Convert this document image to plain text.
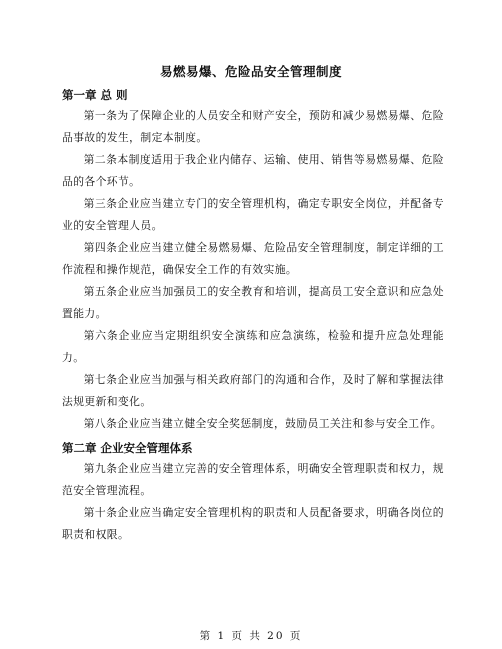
易燃易爆、危险品安全管理制度
第一章 总 则

第一条为了保障企业的人员安全和财产安全，预防和减少易燃易爆、危险品事故的发生，制定本制度。

第二条本制度适用于我企业内储存、运输、使用、销售等易燃易爆、危险品的各个环节。

第三条企业应当建立专门的安全管理机构，确定专职安全岗位，并配备专业的安全管理人员。

第四条企业应当建立健全易燃易爆、危险品安全管理制度，制定详细的工作流程和操作规范，确保安全工作的有效实施。

第五条企业应当加强员工的安全教育和培训，提高员工安全意识和应急处置能力。

第六条企业应当定期组织安全演练和应急演练，检验和提升应急处理能力。

第七条企业应当加强与相关政府部门的沟通和合作，及时了解和掌握法律法规更新和变化。

第八条企业应当建立健全安全奖惩制度，鼓励员工关注和参与安全工作。

第二章 企业安全管理体系

第九条企业应当建立完善的安全管理体系，明确安全管理职责和权力，规范安全管理流程。

第十条企业应当确定安全管理机构的职责和人员配备要求，明确各岗位的职责和权限。

第 1 页 共 20 页
